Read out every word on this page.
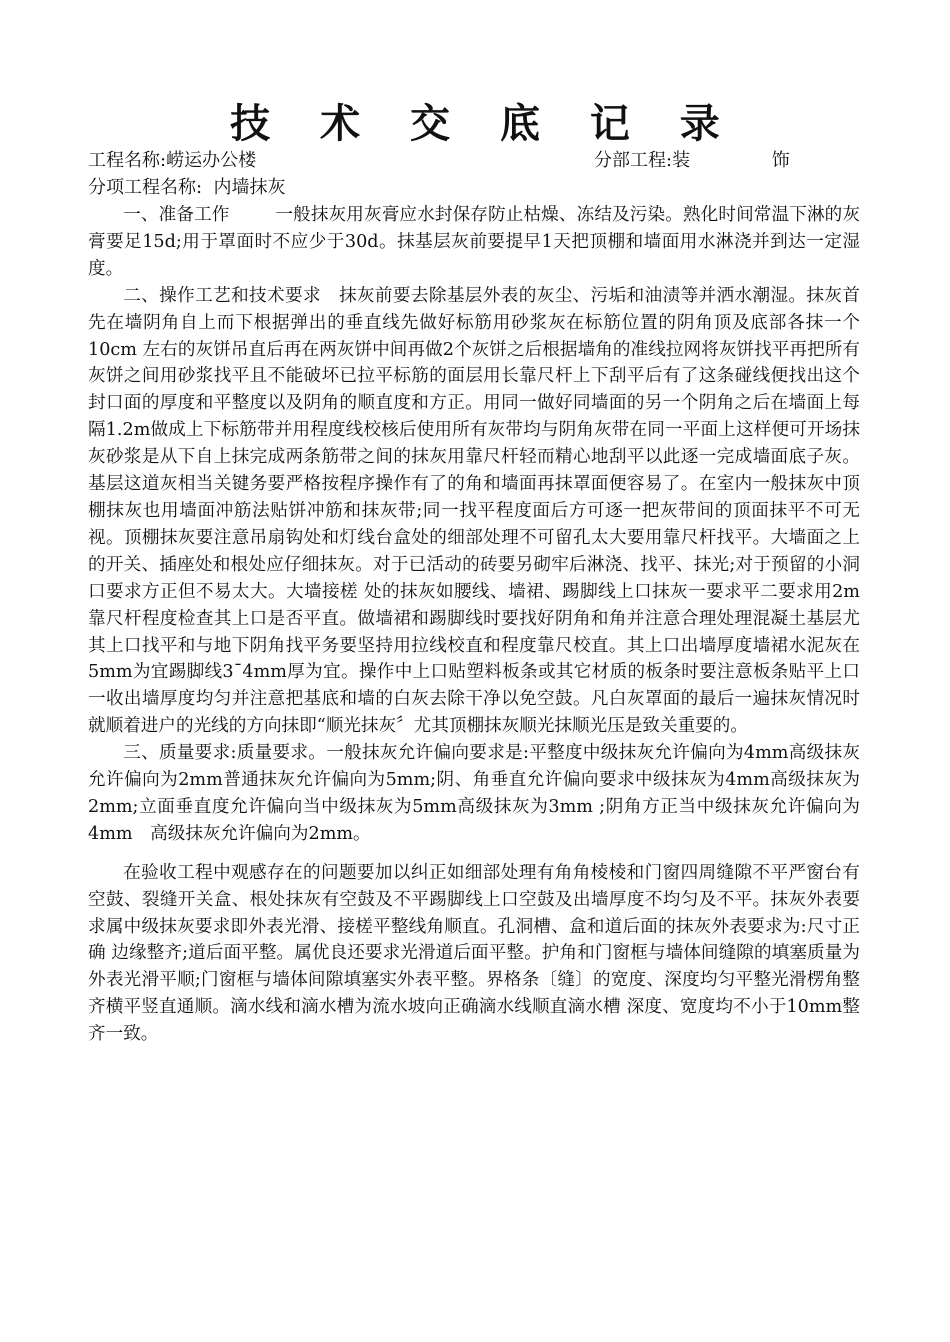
技 术 交 底 记 录
工程名称:崂运办公楼	分部工程:装 饰
分项工程名称: 内墙抹灰

一、准备工作	一般抹灰用灰膏应水封保存防止枯燥、冻结及污染。熟化时间常温下淋的灰膏要足15d;用于罩面时不应少于30d。抹基层灰前要提早1天把顶棚和墙面用水淋浇并到达一定湿度。

二、操作工艺和技术要求 抹灰前要去除基层外表的灰尘、污垢和油渍等并洒水潮湿。抹灰首先在墙阴角自上而下根据弹出的垂直线先做好标筋用砂浆灰在标筋位置的阴角顶及底部各抹一个10cm 左右的灰饼吊直后再在两灰饼中间再做2个灰饼之后根据墙角的准线拉网将灰饼找平再把所有灰饼之间用砂浆找平且不能破坏已拉平标筋的面层用长靠尺杆上下刮平后有了这条碰线便找出这个封口面的厚度和平整度以及阴角的顺直度和方正。用同一做好同墙面的另一个阴角之后在墙面上每隔1.2m做成上下标筋带并用程度线校核后使用所有灰带均与阴角灰带在同一平面上这样便可开场抹灰砂浆是从下自上抹完成两条筋带之间的抹灰用靠尺杆轻而精心地刮平以此逐一完成墙面底子灰。基层这道灰相当关键务要严格按程序操作有了的角和墙面再抹罩面便容易了。在室内一般抹灰中顶棚抹灰也用墙面冲筋法贴饼冲筋和抹灰带;同一找平程度面后方可逐一把灰带间的顶面抹平不可无视。顶棚抹灰要注意吊扇钩处和灯线台盒处的细部处理不可留孔太大要用靠尺杆找平。大墙面之上的开关、插座处和根处应仔细抹灰。对于已活动的砖要另砌牢后淋浇、找平、抹光;对于预留的小洞口要求方正但不易太大。大墙接槎 处的抹灰如腰线、墙裙、踢脚线上口抹灰一要求平二要求用2m靠尺杆程度检查其上口是否平直。做墙裙和踢脚线时要找好阴角和角并注意合理处理混凝土基层尤其上口找平和与地下阴角找平务要坚持用拉线校直和程度靠尺校直。其上口出墙厚度墙裙水泥灰在5mm为宜踢脚线3¯4mm厚为宜。操作中上口贴塑料板条或其它材质的板条时要注意板条贴平上口一收出墙厚度均匀并注意把基底和墙的白灰去除干净以免空鼓。凡白灰罩面的最后一遍抹灰情况时就顺着进户的光线的方向抹即“顺光抹灰〞尤其顶棚抹灰顺光抹顺光压是致关重要的。

三、质量要求:质量要求。一般抹灰允许偏向要求是:平整度中级抹灰允许偏向为4mm高级抹灰允许偏向为2mm普通抹灰允许偏向为5mm;阴、角垂直允许偏向要求中级抹灰为4mm高级抹灰为2mm;立面垂直度允许偏向当中级抹灰为5mm高级抹灰为3mm ;阴角方正当中级抹灰允许偏向为4mm　高级抹灰允许偏向为2mm。

在验收工程中观感存在的问题要加以纠正如细部处理有角角棱棱和门窗四周缝隙不平严窗台有空鼓、裂缝开关盒、根处抹灰有空鼓及不平踢脚线上口空鼓及出墙厚度不均匀及不平。抹灰外表要求属中级抹灰要求即外表光滑、接槎平整线角顺直。孔洞槽、盒和道后面的抹灰外表要求为:尺寸正确 边缘整齐;道后面平整。属优良还要求光滑道后面平整。护角和门窗框与墙体间缝隙的填塞质量为外表光滑平顺;门窗框与墙体间隙填塞实外表平整。界格条〔缝〕的宽度、深度均匀平整光滑楞角整齐横平竖直通顺。滴水线和滴水槽为流水坡向正确滴水线顺直滴水槽 深度、宽度均不小于10mm整齐一致。
